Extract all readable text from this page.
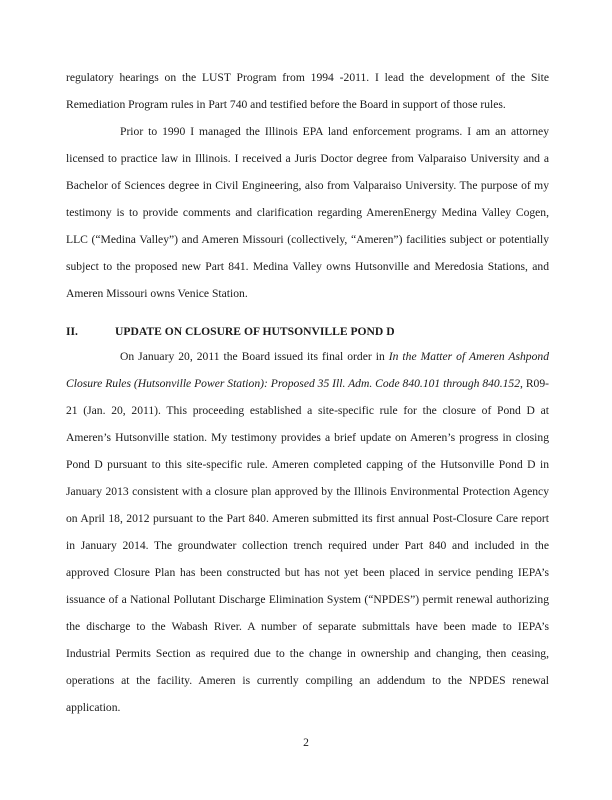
regulatory hearings on the LUST Program from 1994 -2011. I lead the development of the Site Remediation Program rules in Part 740 and testified before the Board in support of those rules.

Prior to 1990 I managed the Illinois EPA land enforcement programs. I am an attorney licensed to practice law in Illinois. I received a Juris Doctor degree from Valparaiso University and a Bachelor of Sciences degree in Civil Engineering, also from Valparaiso University. The purpose of my testimony is to provide comments and clarification regarding AmerenEnergy Medina Valley Cogen, LLC (“Medina Valley”) and Ameren Missouri (collectively, “Ameren”) facilities subject or potentially subject to the proposed new Part 841. Medina Valley owns Hutsonville and Meredosia Stations, and Ameren Missouri owns Venice Station.

II.	UPDATE ON CLOSURE OF HUTSONVILLE POND D

On January 20, 2011 the Board issued its final order in In the Matter of Ameren Ashpond Closure Rules (Hutsonville Power Station): Proposed 35 Ill. Adm. Code 840.101 through 840.152, R09-21 (Jan. 20, 2011). This proceeding established a site-specific rule for the closure of Pond D at Ameren’s Hutsonville station. My testimony provides a brief update on Ameren’s progress in closing Pond D pursuant to this site-specific rule. Ameren completed capping of the Hutsonville Pond D in January 2013 consistent with a closure plan approved by the Illinois Environmental Protection Agency on April 18, 2012 pursuant to the Part 840. Ameren submitted its first annual Post-Closure Care report in January 2014. The groundwater collection trench required under Part 840 and included in the approved Closure Plan has been constructed but has not yet been placed in service pending IEPA’s issuance of a National Pollutant Discharge Elimination System (“NPDES”) permit renewal authorizing the discharge to the Wabash River. A number of separate submittals have been made to IEPA’s Industrial Permits Section as required due to the change in ownership and changing, then ceasing, operations at the facility. Ameren is currently compiling an addendum to the NPDES renewal application.

2
